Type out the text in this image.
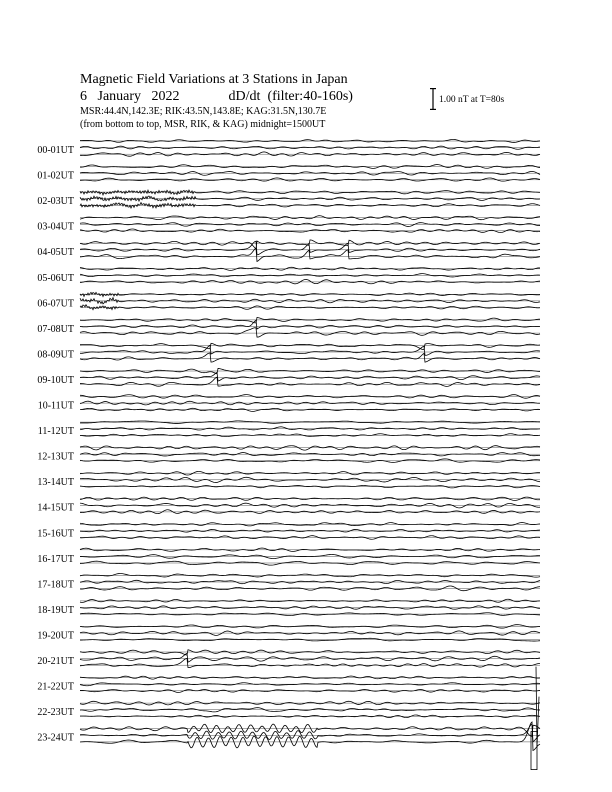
Magnetic Field Variations at 3 Stations in Japan
6 January 2022	dD/dt (filter:40-160s)
MSR:44.4N,142.3E; RIK:43.5N,143.8E; KAG:31.5N,130.7E
(from bottom to top, MSR, RIK, & KAG) midnight=1500UT
1.00 nT at T=80s
00-01UT
01-02UT
02-03UT
03-04UT
04-05UT
05-06UT
06-07UT
07-08UT
08-09UT
09-10UT
10-11UT
11-12UT
12-13UT
13-14UT
14-15UT
15-16UT
16-17UT
17-18UT
18-19UT
19-20UT
20-21UT
21-22UT
22-23UT
23-24UT
